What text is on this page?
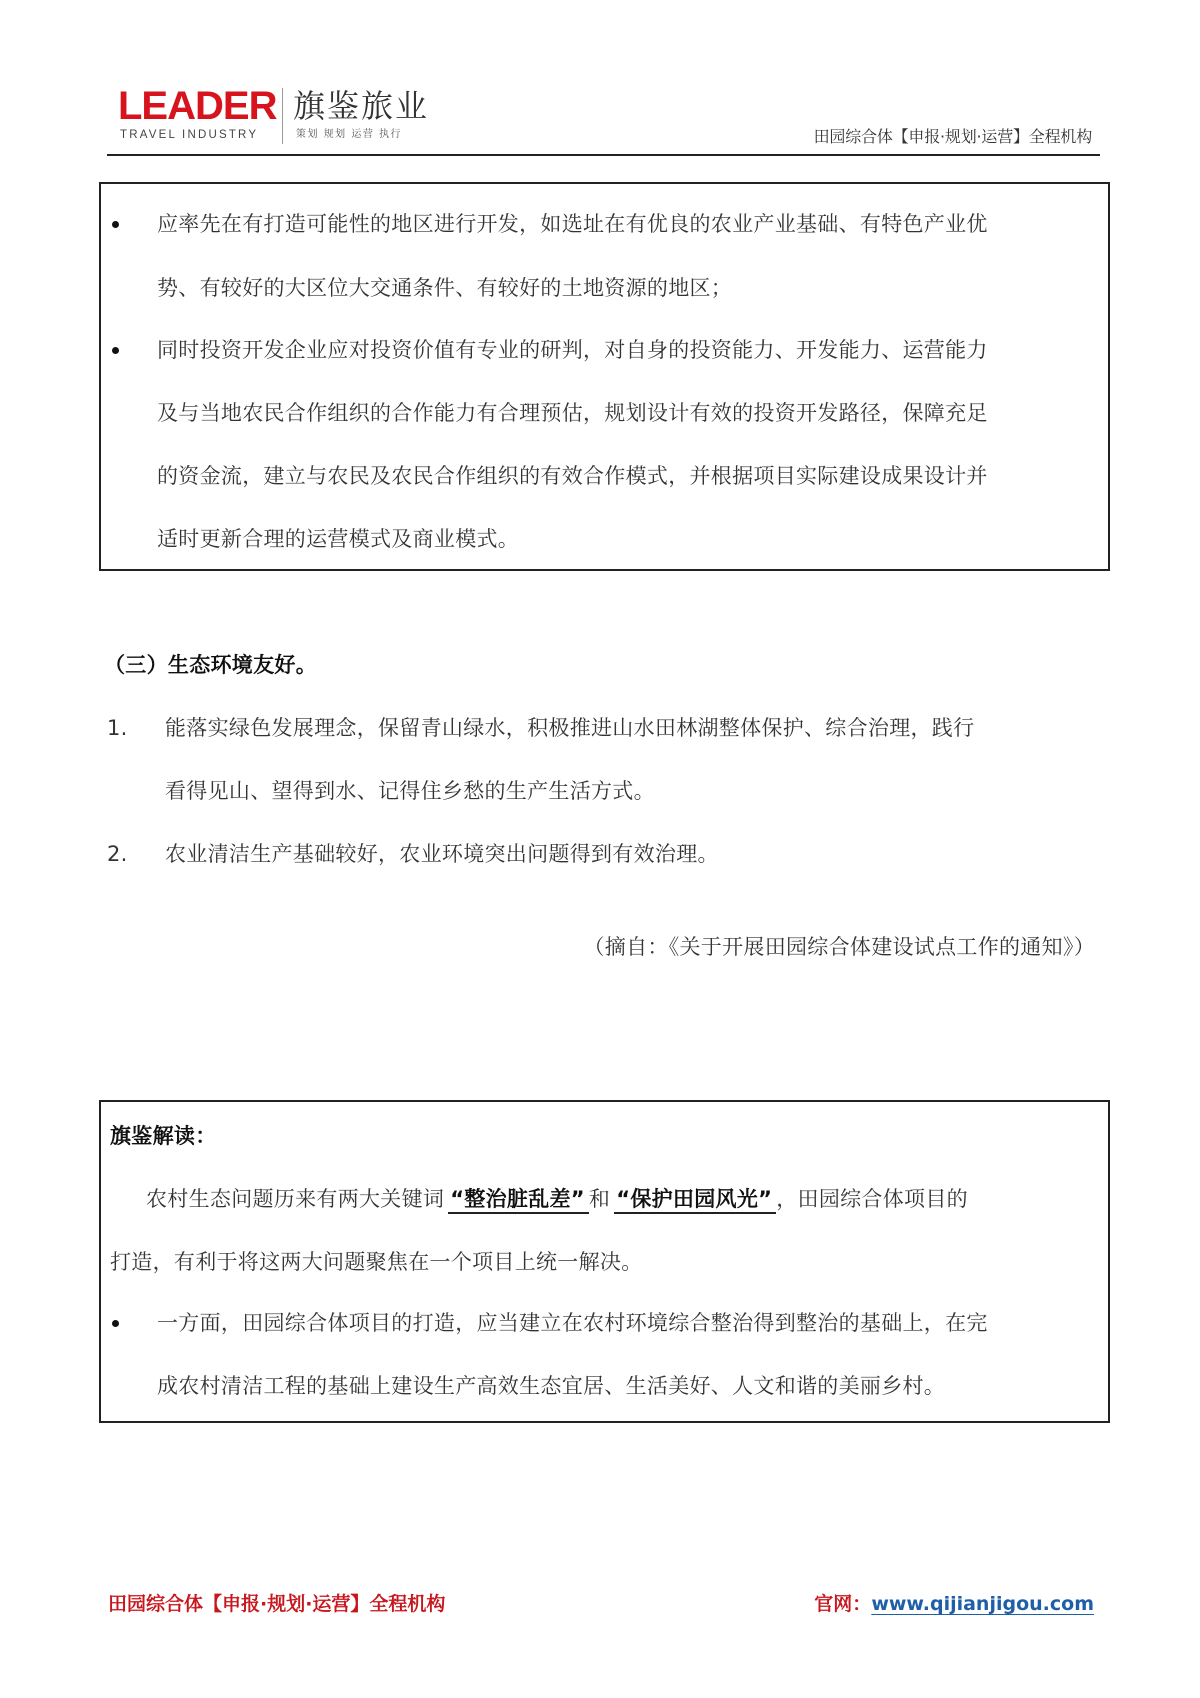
LEADER
TRAVEL INDUSTRY
旗鉴旅业
策划 规划 运营 执行	田园综合体【申报·规划·运营】全程机构
应率先在有打造可能性的地区进行开发，如选址在有优良的农业产业基础、有特色产业优
势、有较好的大区位大交通条件、有较好的土地资源的地区；
同时投资开发企业应对投资价值有专业的研判，对自身的投资能力、开发能力、运营能力
及与当地农民合作组织的合作能力有合理预估，规划设计有效的投资开发路径，保障充足
的资金流，建立与农民及农民合作组织的有效合作模式，并根据项目实际建设成果设计并
适时更新合理的运营模式及商业模式。
（三）生态环境友好。
1. 能落实绿色发展理念，保留青山绿水，积极推进山水田林湖整体保护、综合治理，践行
看得见山、望得到水、记得住乡愁的生产生活方式。
2. 农业清洁生产基础较好，农业环境突出问题得到有效治理。
（摘自：《关于开展田园综合体建设试点工作的通知》）
旗鉴解读：
农村生态问题历来有两大关键词 “整治脏乱差” 和 “保护田园风光” ，田园综合体项目的
打造，有利于将这两大问题聚焦在一个项目上统一解决。
一方面，田园综合体项目的打造，应当建立在农村环境综合整治得到整治的基础上，在完
成农村清洁工程的基础上建设生产高效生态宜居、生活美好、人文和谐的美丽乡村。
田园综合体【申报·规划·运营】全程机构	官网：www.qijianjigou.com
